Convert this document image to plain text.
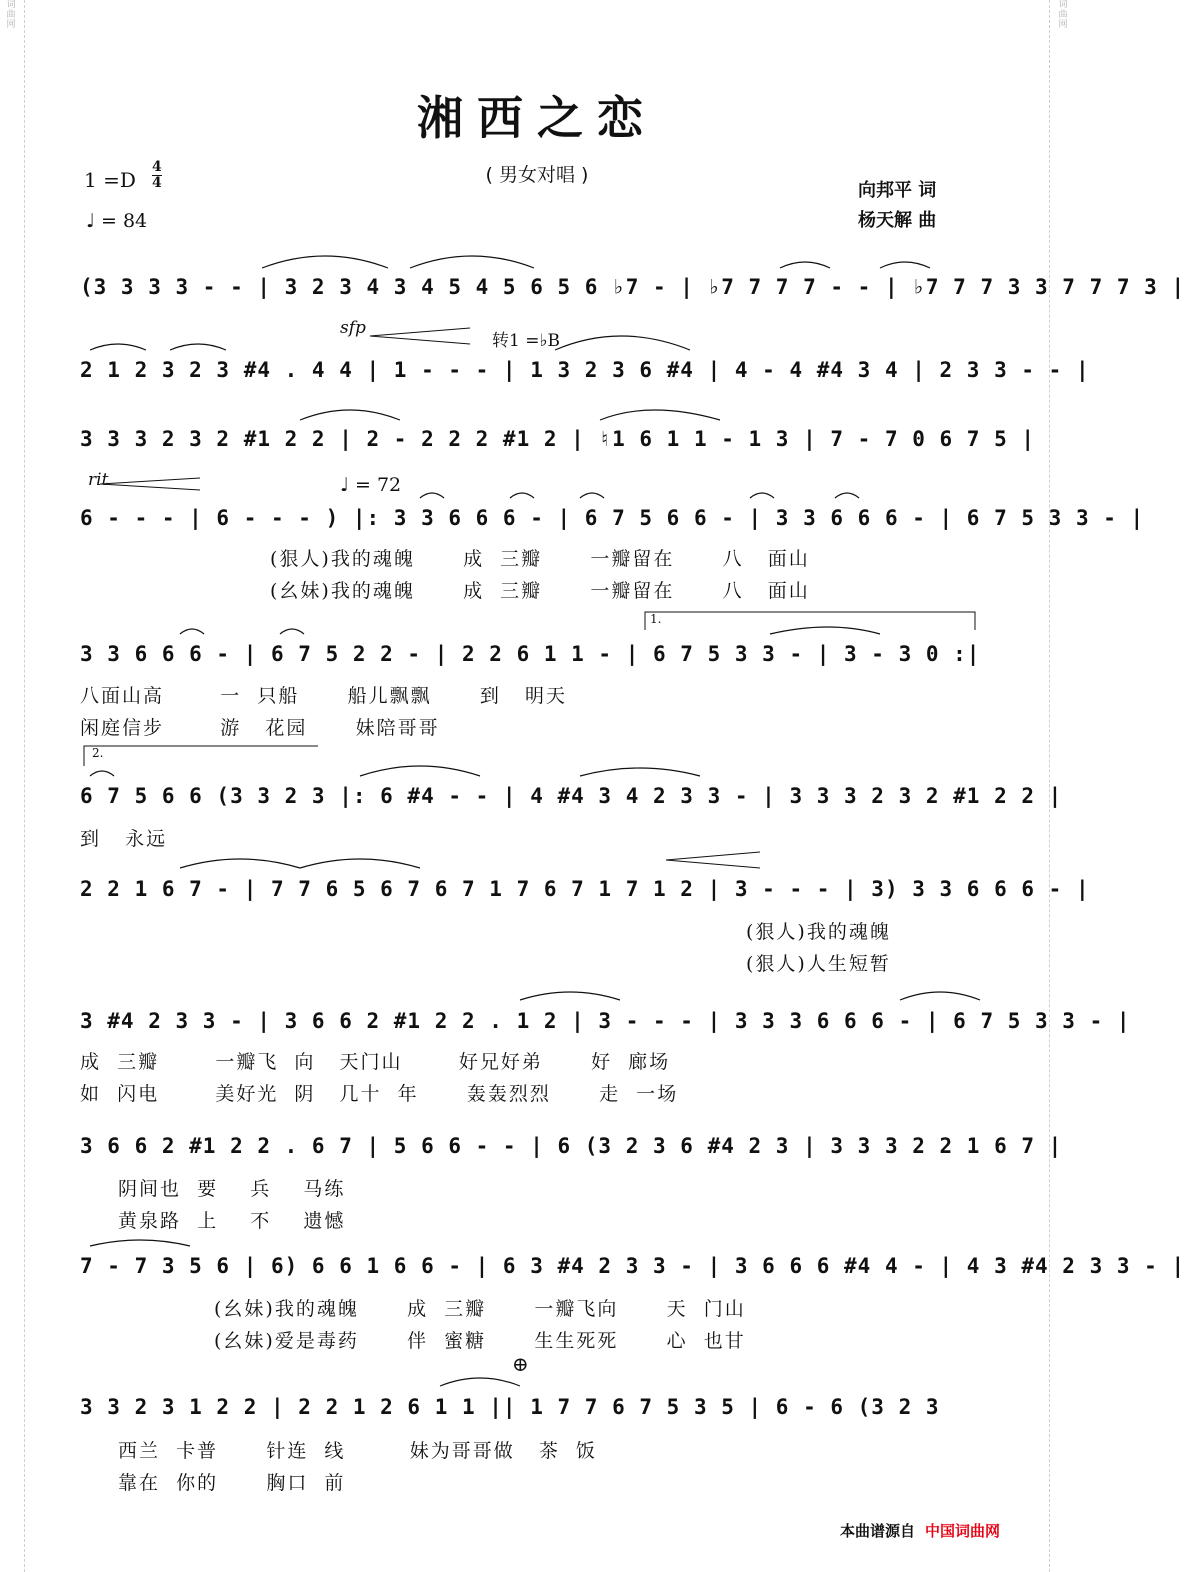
词
曲
网
词
曲
网
湘西之恋
( 男女对唱 )
1 =D
4
4
♩ = 84
向邦平 词
杨天解 曲
sfp
转1 =♭B
rit	♩ = 72
1.
2.
⊕
(3 3 3 3 - - | 3 2 3 4 3 4 5 4 5 6 5 6 ♭7 - | ♭7 7 7 7 - - | ♭7 7 7 3 3 7 7 7 3 |
2 1 2 3 2 3 #4 . 4 4 | 1 - - - | 1 3 2 3 6 #4 | 4 - 4 #4 3 4 | 2 3 3 - - |
3 3 3 2 3 2 #1 2 2 | 2 - 2 2 2 #1 2 | ♮1 6 1 1 - 1 3 | 7 - 7 0 6 7 5 |
6 - - - | 6 - - - ) |: 3 3 6 6 6 - | 6 7 5 6 6 - | 3 3 6 6 6 - | 6 7 5 3 3 - |
3 3 6 6 6 - | 6 7 5 2 2 - | 2 2 6 1 1 - | 6 7 5 3 3 - | 3 - 3 0 :|
6 7 5 6 6 (3 3 2 3 |: 6 #4 - - | 4 #4 3 4 2 3 3 - | 3 3 3 2 3 2 #1 2 2 |
2 2 1 6 7 - | 7 7 6 5 6 7 6 7 1 7 6 7 1 7 1 2 | 3 - - - | 3) 3 3 6 6 6 - |
3 #4 2 3 3 - | 3 6 6 2 #1 2 2 . 1 2 | 3 - - - | 3 3 3 6 6 6 - | 6 7 5 3 3 - |
3 6 6 2 #1 2 2 . 6 7 | 5 6 6 - - | 6 (3 2 3 6 #4 2 3 | 3 3 3 2 2 1 6 7 |
7 - 7 3 5 6 | 6) 6 6 1 6 6 - | 6 3 #4 2 3 3 - | 3 6 6 6 #4 4 - | 4 3 #4 2 3 3 - |
3 3 2 3 1 2 2 | 2 2 1 2 6 1 1 || 1 7 7 6 7 5 3 5 | 6 - 6 (3 2 3
(狠人)我的魂魄      成  三瓣      一瓣留在      八   面山
(幺妹)我的魂魄      成  三瓣      一瓣留在      八   面山
八面山高       一  只船      船儿飘飘      到   明天
闲庭信步       游   花园      妹陪哥哥
到   永远
(狠人)我的魂魄
(狠人)人生短暂
成  三瓣       一瓣飞  向   天门山       好兄好弟      好  廊场
如  闪电       美好光  阴   几十  年      轰轰烈烈      走  一场
阴间也  要    兵    马练
黄泉路  上    不    遗憾
(幺妹)我的魂魄      成  三瓣      一瓣飞向      天  门山
(幺妹)爱是毒药      伴  蜜糖      生生死死      心  也甘
西兰  卡普      针连  线        妹为哥哥做   茶  饭
靠在  你的      胸口  前
本曲谱源自 中国词曲网
